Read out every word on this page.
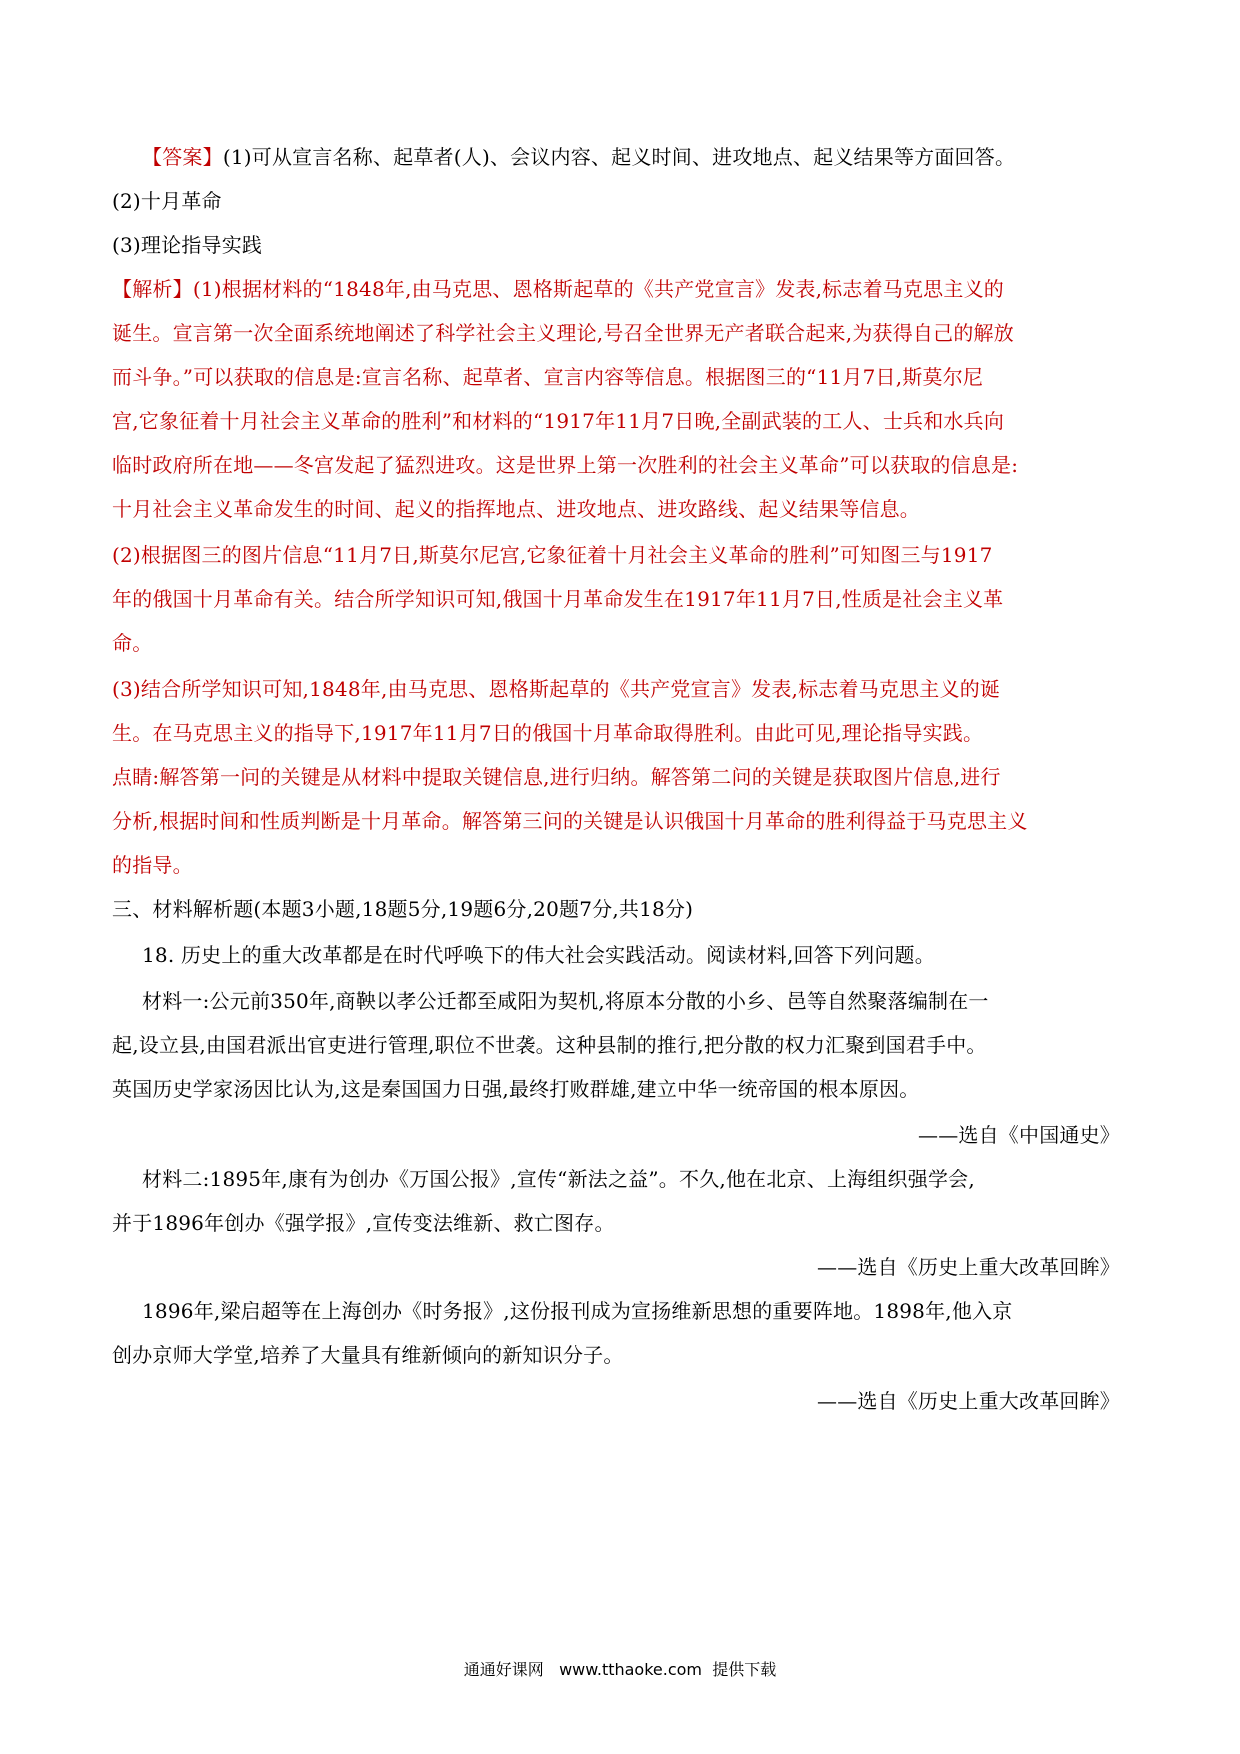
【答案】(1)可从宣言名称、起草者(人)、会议内容、起义时间、进攻地点、起义结果等方面回答。
(2)十月革命
(3)理论指导实践
【解析】(1)根据材料的“1848年,由马克思、恩格斯起草的《共产党宣言》发表,标志着马克思主义的
诞生。宣言第一次全面系统地阐述了科学社会主义理论,号召全世界无产者联合起来,为获得自己的解放
而斗争。”可以获取的信息是:宣言名称、起草者、宣言内容等信息。根据图三的“11月7日,斯莫尔尼
宫,它象征着十月社会主义革命的胜利”和材料的“1917年11月7日晚,全副武装的工人、士兵和水兵向
临时政府所在地——冬宫发起了猛烈进攻。这是世界上第一次胜利的社会主义革命”可以获取的信息是:
十月社会主义革命发生的时间、起义的指挥地点、进攻地点、进攻路线、起义结果等信息。
(2)根据图三的图片信息“11月7日,斯莫尔尼宫,它象征着十月社会主义革命的胜利”可知图三与1917
年的俄国十月革命有关。结合所学知识可知,俄国十月革命发生在1917年11月7日,性质是社会主义革
命。
(3)结合所学知识可知,1848年,由马克思、恩格斯起草的《共产党宣言》发表,标志着马克思主义的诞
生。在马克思主义的指导下,1917年11月7日的俄国十月革命取得胜利。由此可见,理论指导实践。
点睛:解答第一问的关键是从材料中提取关键信息,进行归纳。解答第二问的关键是获取图片信息,进行
分析,根据时间和性质判断是十月革命。解答第三问的关键是认识俄国十月革命的胜利得益于马克思主义
的指导。
三、材料解析题(本题3小题,18题5分,19题6分,20题7分,共18分)
18. 历史上的重大改革都是在时代呼唤下的伟大社会实践活动。阅读材料,回答下列问题。
材料一:公元前350年,商鞅以孝公迁都至咸阳为契机,将原本分散的小乡、邑等自然聚落编制在一
起,设立县,由国君派出官吏进行管理,职位不世袭。这种县制的推行,把分散的权力汇聚到国君手中。
英国历史学家汤因比认为,这是秦国国力日强,最终打败群雄,建立中华一统帝国的根本原因。
——选自《中国通史》
材料二:1895年,康有为创办《万国公报》,宣传“新法之益”。不久,他在北京、上海组织强学会,
并于1896年创办《强学报》,宣传变法维新、救亡图存。
——选自《历史上重大改革回眸》
1896年,梁启超等在上海创办《时务报》,这份报刊成为宣扬维新思想的重要阵地。1898年,他入京
创办京师大学堂,培养了大量具有维新倾向的新知识分子。
——选自《历史上重大改革回眸》
通通好课网 www.tthaoke.com 提供下载
